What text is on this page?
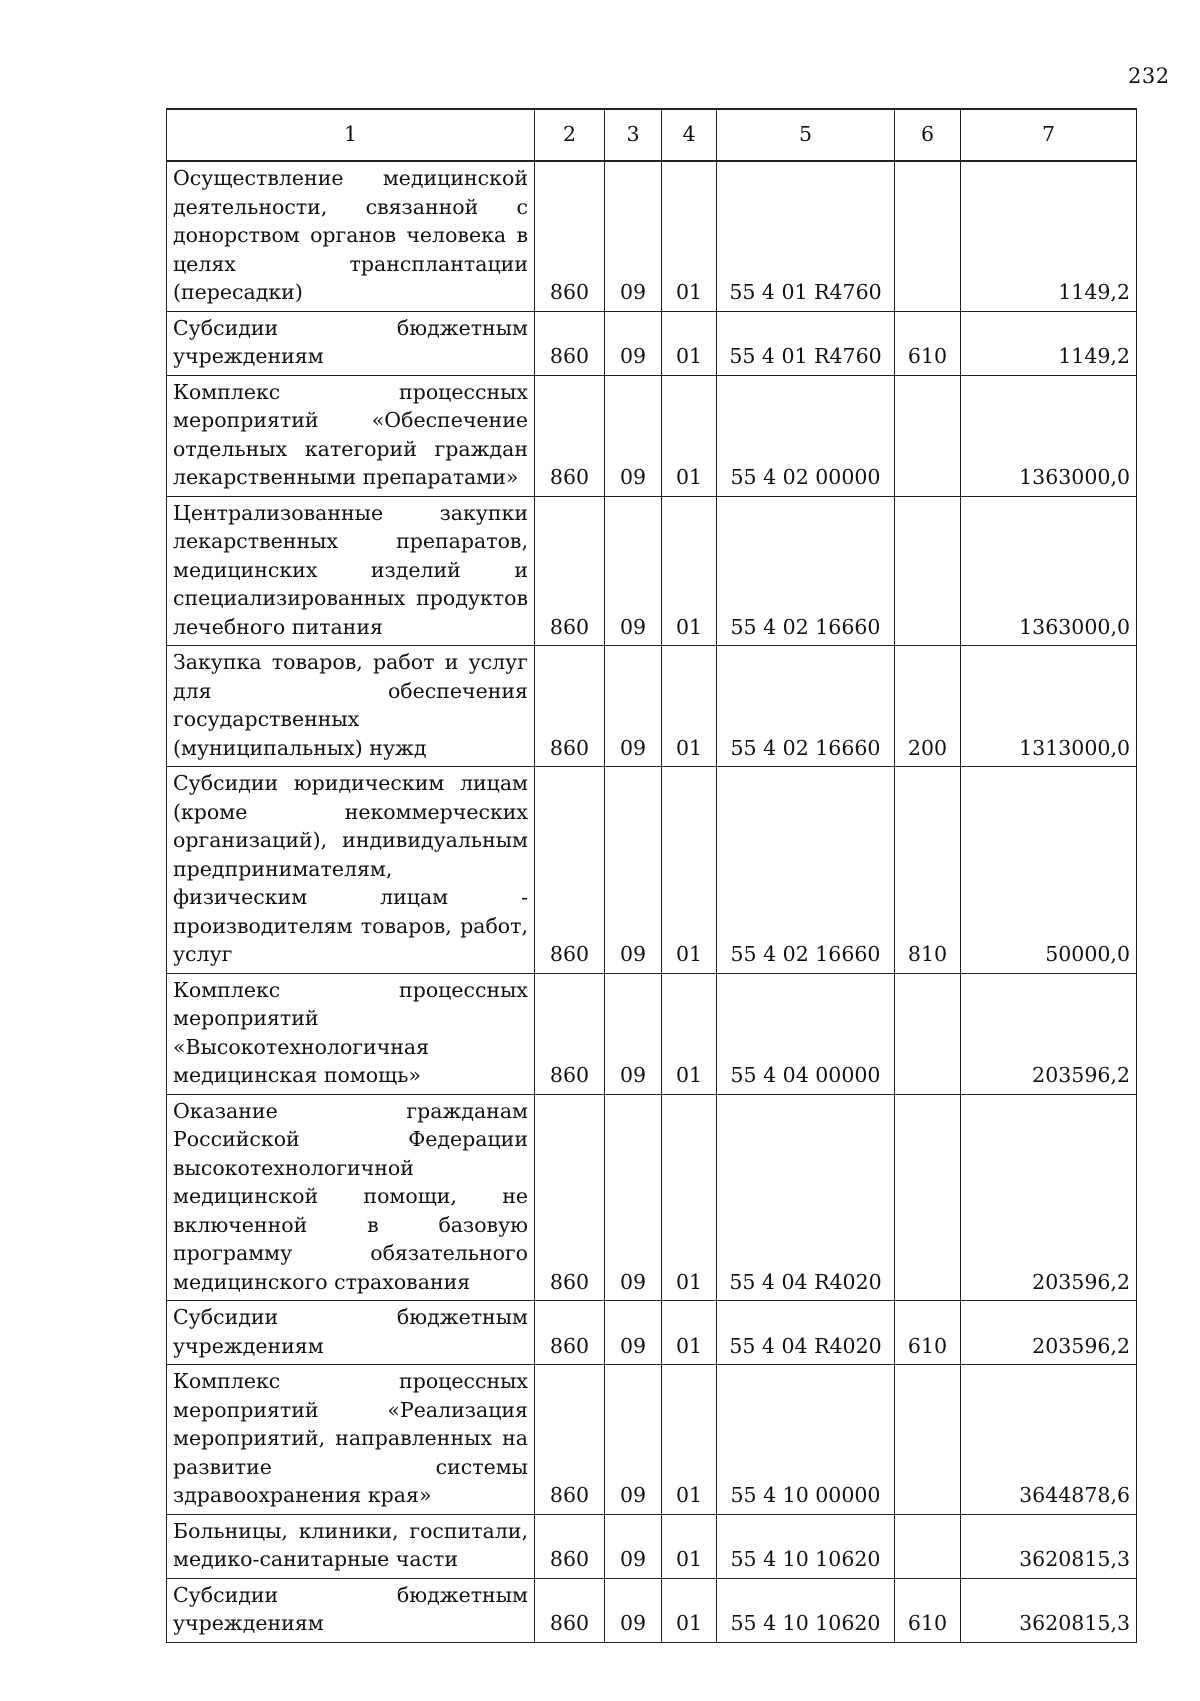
232
1	2	3	4	5	6	7
Осуществление медицинской деятельности, связанной с донорством органов человека в целях трансплантации (пересадки)	860	09	01	55 4 01 R4760		1149,2
Субсидии бюджетным учреждениям	860	09	01	55 4 01 R4760	610	1149,2
Комплекс процессных мероприятий «Обеспечение отдельных категорий граждан лекарственными препаратами»	860	09	01	55 4 02 00000		1363000,0
Централизованные закупки лекарственных препаратов, медицинских изделий и специализированных продуктов лечебного питания	860	09	01	55 4 02 16660		1363000,0
Закупка товаров, работ и услуг для обеспечения государственных (муниципальных) нужд	860	09	01	55 4 02 16660	200	1313000,0
Субсидии юридическим лицам (кроме некоммерческих организаций), индивидуальным предпринимателям, физическим лицам - производителям товаров, работ, услуг	860	09	01	55 4 02 16660	810	50000,0
Комплекс процессных мероприятий «Высокотехнологичная медицинская помощь»	860	09	01	55 4 04 00000		203596,2
Оказание гражданам Российской Федерации высокотехнологичной медицинской помощи, не включенной в базовую программу обязательного медицинского страхования	860	09	01	55 4 04 R4020		203596,2
Субсидии бюджетным учреждениям	860	09	01	55 4 04 R4020	610	203596,2
Комплекс процессных мероприятий «Реализация мероприятий, направленных на развитие системы здравоохранения края»	860	09	01	55 4 10 00000		3644878,6
Больницы, клиники, госпитали, медико-санитарные части	860	09	01	55 4 10 10620		3620815,3
Субсидии бюджетным учреждениям	860	09	01	55 4 10 10620	610	3620815,3
